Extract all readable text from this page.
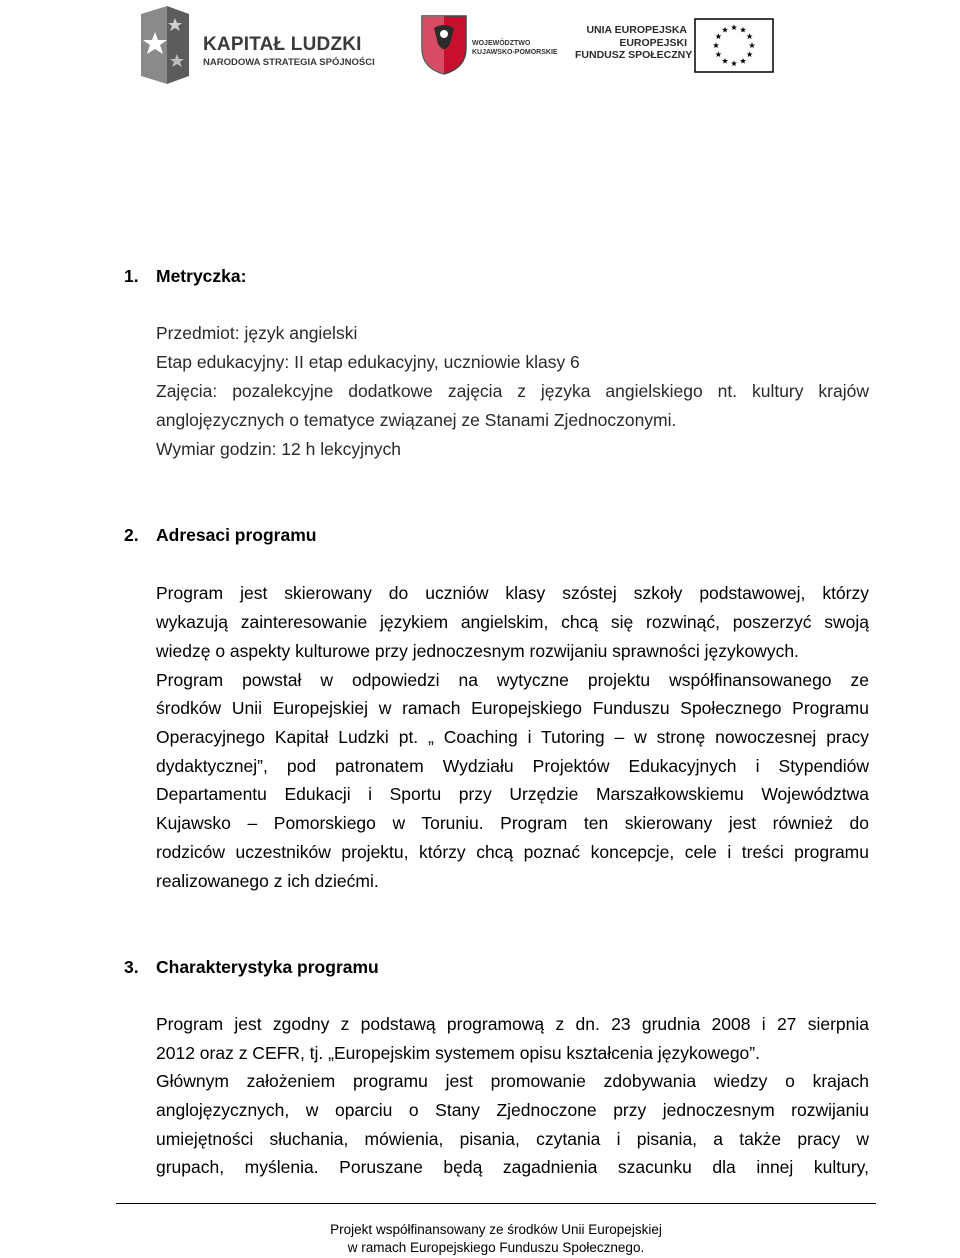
KAPITAŁ LUDZKI
NARODOWA STRATEGIA SPÓJNOŚCI
WOJEWÓDZTWO
KUJAWSKO-POMORSKIE
UNIA EUROPEJSKA
EUROPEJSKI
FUNDUSZ SPOŁECZNY
1. Metryczka:
Przedmiot: język angielski
Etap edukacyjny: II etap edukacyjny, uczniowie klasy 6
Zajęcia: pozalekcyjne dodatkowe zajęcia z języka angielskiego nt. kultury krajów
anglojęzycznych o tematyce związanej ze Stanami Zjednoczonymi.
Wymiar godzin: 12 h lekcyjnych
2. Adresaci programu
Program jest skierowany do uczniów klasy szóstej szkoły podstawowej, którzy
wykazują zainteresowanie językiem angielskim, chcą się rozwinąć, poszerzyć swoją
wiedzę o aspekty kulturowe przy jednoczesnym rozwijaniu sprawności językowych.
Program powstał w odpowiedzi na wytyczne projektu współfinansowanego ze
środków Unii Europejskiej w ramach Europejskiego Funduszu Społecznego Programu
Operacyjnego Kapitał Ludzki pt. „ Coaching i Tutoring – w stronę nowoczesnej pracy
dydaktycznej”, pod patronatem Wydziału Projektów Edukacyjnych i Stypendiów
Departamentu Edukacji i Sportu przy Urzędzie Marszałkowskiemu Województwa
Kujawsko – Pomorskiego w Toruniu. Program ten skierowany jest również do
rodziców uczestników projektu, którzy chcą poznać koncepcje, cele i treści programu
realizowanego z ich dziećmi.
3. Charakterystyka programu
Program jest zgodny z podstawą programową z dn. 23 grudnia 2008 i 27 sierpnia
2012 oraz z CEFR, tj. „Europejskim systemem opisu kształcenia językowego”.
Głównym założeniem programu jest promowanie zdobywania wiedzy o krajach
anglojęzycznych, w oparciu o Stany Zjednoczone przy jednoczesnym rozwijaniu
umiejętności słuchania, mówienia, pisania, czytania i pisania, a także pracy w
grupach, myślenia. Poruszane będą zagadnienia szacunku dla innej kultury,
Projekt współfinansowany ze środków Unii Europejskiej
w ramach Europejskiego Funduszu Społecznego.
